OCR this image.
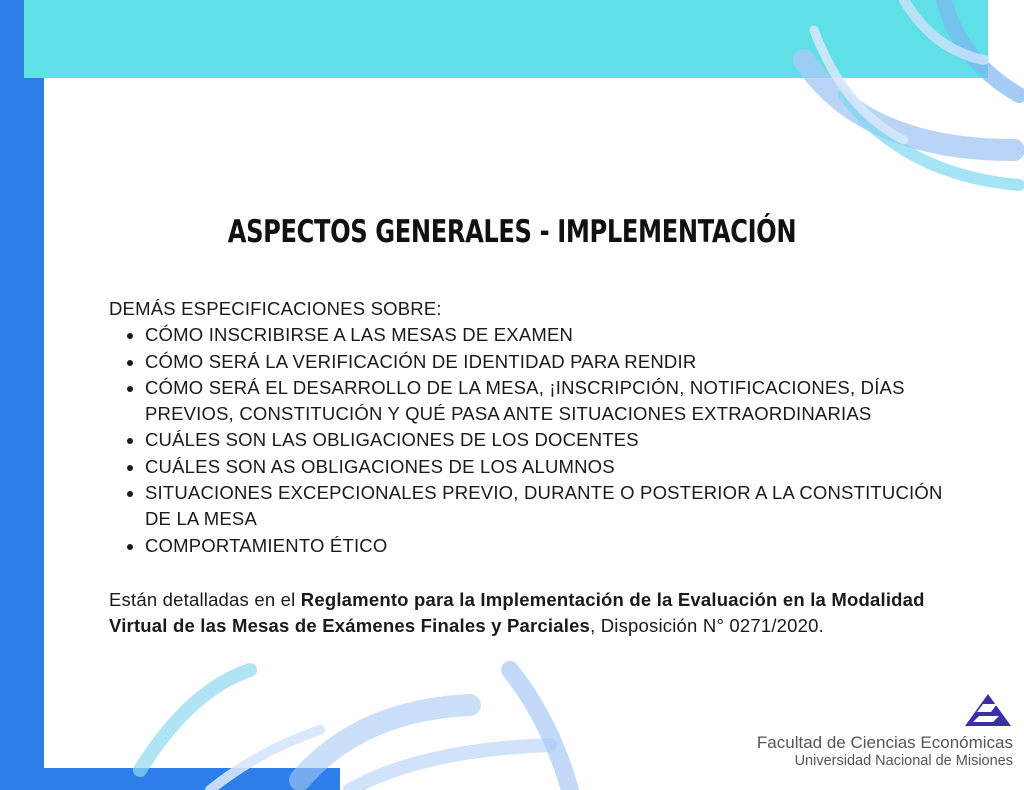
ASPECTOS GENERALES - IMPLEMENTACIÓN

DEMÁS ESPECIFICACIONES SOBRE:

• CÓMO INSCRIBIRSE A LAS MESAS DE EXAMEN
• CÓMO SERÁ LA VERIFICACIÓN DE IDENTIDAD PARA RENDIR
• CÓMO SERÁ EL DESARROLLO DE LA MESA, ¡INSCRIPCIÓN, NOTIFICACIONES, DÍAS PREVIOS, CONSTITUCIÓN Y QUÉ PASA ANTE SITUACIONES EXTRAORDINARIAS
• CUÁLES SON LAS OBLIGACIONES DE LOS DOCENTES
• CUÁLES SON AS OBLIGACIONES DE LOS ALUMNOS
• SITUACIONES EXCEPCIONALES PREVIO, DURANTE O POSTERIOR A LA CONSTITUCIÓN DE LA MESA
• COMPORTAMIENTO ÉTICO

Están detalladas en el Reglamento para la Implementación de la Evaluación en la Modalidad Virtual de las Mesas de Exámenes Finales y Parciales, Disposición N° 0271/2020.

Facultad de Ciencias Económicas
Universidad Nacional de Misiones
